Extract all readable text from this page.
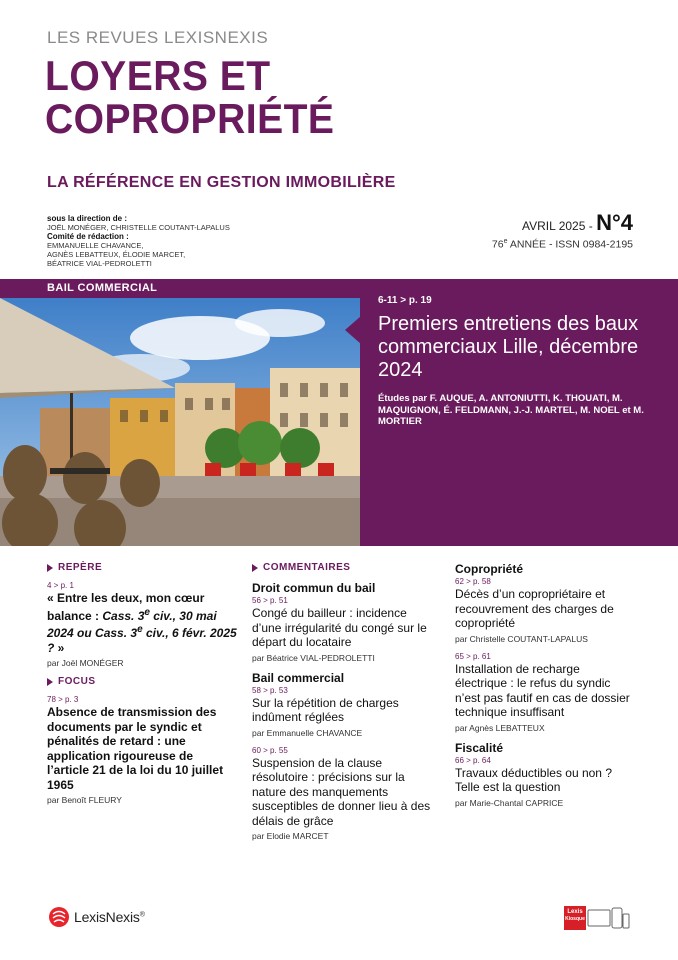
LES REVUES LEXISNEXIS
LOYERS ET
COPROPRIÉTÉ
LA RÉFÉRENCE EN GESTION IMMOBILIÈRE
sous la direction de :
JOËL MONÉGER, CHRISTELLE COUTANT-LAPALUS
Comité de rédaction :
EMMANUELLE CHAVANCE,
AGNÈS LEBATTEUX, ÉLODIE MARCET,
BÉATRICE VIAL-PEDROLETTI
AVRIL 2025 - N°4
76e ANNÉE - ISSN 0984-2195
BAIL COMMERCIAL
6-11 > p. 19
Premiers entretiens des baux commerciaux Lille, décembre 2024
Études par F. AUQUE, A. ANTONIUTTI, K. THOUATI, M. MAQUIGNON, É. FELDMANN, J.-J. MARTEL, M. NOEL et M. MORTIER
REPÈRE
4 > p. 1
« Entre les deux, mon cœur balance : Cass. 3e civ., 30 mai 2024 ou Cass. 3e civ., 6 févr. 2025 ? »
par Joël MONÉGER
FOCUS
78 > p. 3
Absence de transmission des documents par le syndic et pénalités de retard : une application rigoureuse de l’article 21 de la loi du 10 juillet 1965
par Benoît FLEURY
COMMENTAIRES
Droit commun du bail
56 > p. 51
Congé du bailleur : incidence d’une irrégularité du congé sur le départ du locataire
par Béatrice VIAL-PEDROLETTI
Bail commercial
58 > p. 53
Sur la répétition de charges indûment réglées
par Emmanuelle CHAVANCE
60 > p. 55
Suspension de la clause résolutoire : précisions sur la nature des manquements susceptibles de donner lieu à des délais de grâce
par Elodie MARCET
Copropriété
62 > p. 58
Décès d’un copropriétaire et recouvrement des charges de copropriété
par Christelle COUTANT-LAPALUS
65 > p. 61
Installation de recharge électrique : le refus du syndic n’est pas fautif en cas de dossier technique insuffisant
par Agnès LEBATTEUX
Fiscalité
66 > p. 64
Travaux déductibles ou non ? Telle est la question
par Marie-Chantal CAPRICE
LexisNexis®	Lexis
Kiosque
